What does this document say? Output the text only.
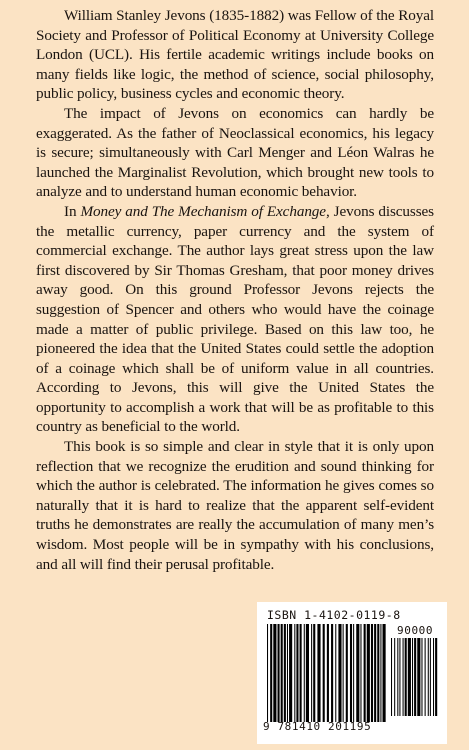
William Stanley Jevons (1835-1882) was Fellow of the Royal Society and Professor of Political Economy at University College London (UCL). His fertile academic writings include books on many fields like logic, the method of science, social philosophy, public policy, business cycles and economic theory.

The impact of Jevons on economics can hardly be exaggerated. As the father of Neoclassical economics, his legacy is secure; simultaneously with Carl Menger and Léon Walras he launched the Marginalist Revolution, which brought new tools to analyze and to understand human economic behavior.

In Money and The Mechanism of Exchange, Jevons discusses the metallic currency, paper currency and the system of commercial exchange. The author lays great stress upon the law first discovered by Sir Thomas Gresham, that poor money drives away good. On this ground Professor Jevons rejects the suggestion of Spencer and others who would have the coinage made a matter of public privilege. Based on this law too, he pioneered the idea that the United States could settle the adoption of a coinage which shall be of uniform value in all countries. According to Jevons, this will give the United States the opportunity to accomplish a work that will be as profitable to this country as beneficial to the world.

This book is so simple and clear in style that it is only upon reflection that we recognize the erudition and sound thinking for which the author is celebrated. The information he gives comes so naturally that it is hard to realize that the apparent self-evident truths he demonstrates are really the accumulation of many men’s wisdom. Most people will be in sympathy with his conclusions, and all will find their perusal profitable.

ISBN 1-4102-0119-8
90000
9 781410 201195
